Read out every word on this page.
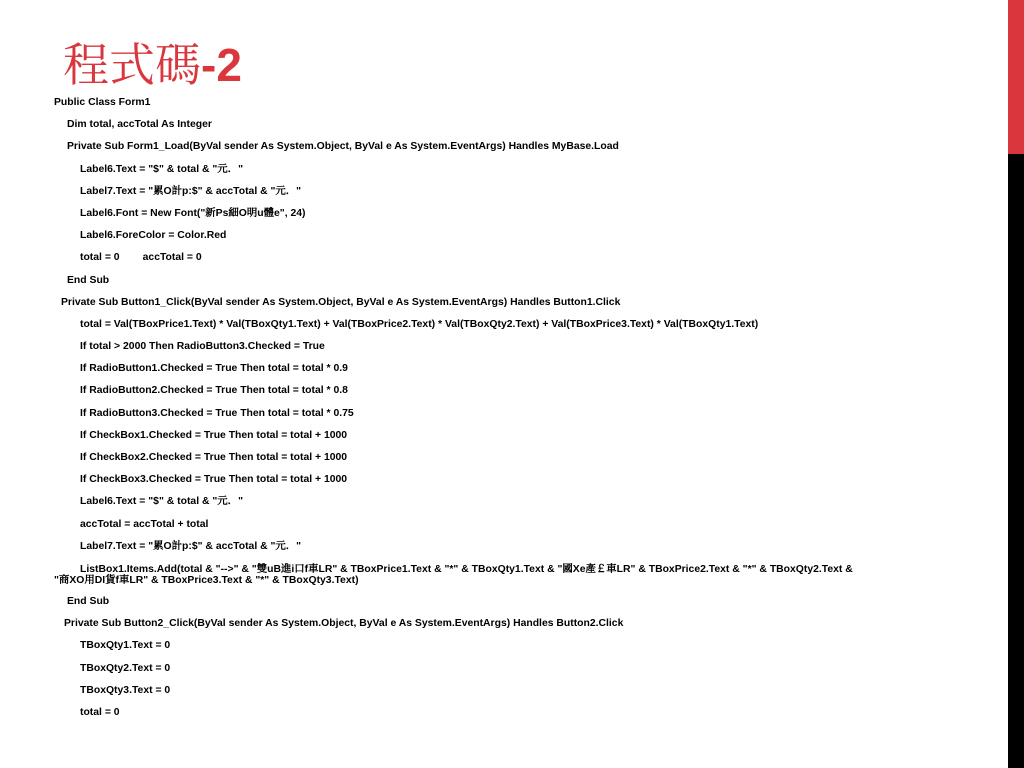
程式碼-2
Public Class Form1
Dim total, accTotal As Integer
Private Sub Form1_Load(ByVal sender As System.Object, ByVal e As System.EventArgs) Handles MyBase.Load
Label6.Text = "$" & total & "元．"
Label7.Text = "累O計p:$" & accTotal & "元．"
Label6.Font = New Font("新Ps細O明u體e", 24)
Label6.ForeColor = Color.Red
total = 0        accTotal = 0
End Sub
Private Sub Button1_Click(ByVal sender As System.Object, ByVal e As System.EventArgs) Handles Button1.Click
total = Val(TBoxPrice1.Text) * Val(TBoxQty1.Text) + Val(TBoxPrice2.Text) * Val(TBoxQty2.Text) + Val(TBoxPrice3.Text) * Val(TBoxQty1.Text)
If total > 2000 Then RadioButton3.Checked = True
If RadioButton1.Checked = True Then total = total * 0.9
If RadioButton2.Checked = True Then total = total * 0.8
If RadioButton3.Checked = True Then total = total * 0.75
If CheckBox1.Checked = True Then total = total + 1000
If CheckBox2.Checked = True Then total = total + 1000
If CheckBox3.Checked = True Then total = total + 1000
Label6.Text = "$" & total & "元．"
accTotal = accTotal + total
Label7.Text = "累O計p:$" & accTotal & "元．"
ListBox1.Items.Add(total & "-->" & "雙uB進i口f車LR" & TBoxPrice1.Text & "*" & TBoxQty1.Text & "國Xe產￡車LR" & TBoxPrice2.Text & "*" & TBoxQty2.Text & "商XO用DI貨f車LR" & TBoxPrice3.Text & "*" & TBoxQty3.Text)
End Sub
Private Sub Button2_Click(ByVal sender As System.Object, ByVal e As System.EventArgs) Handles Button2.Click
TBoxQty1.Text = 0
TBoxQty2.Text = 0
TBoxQty3.Text = 0
total = 0
